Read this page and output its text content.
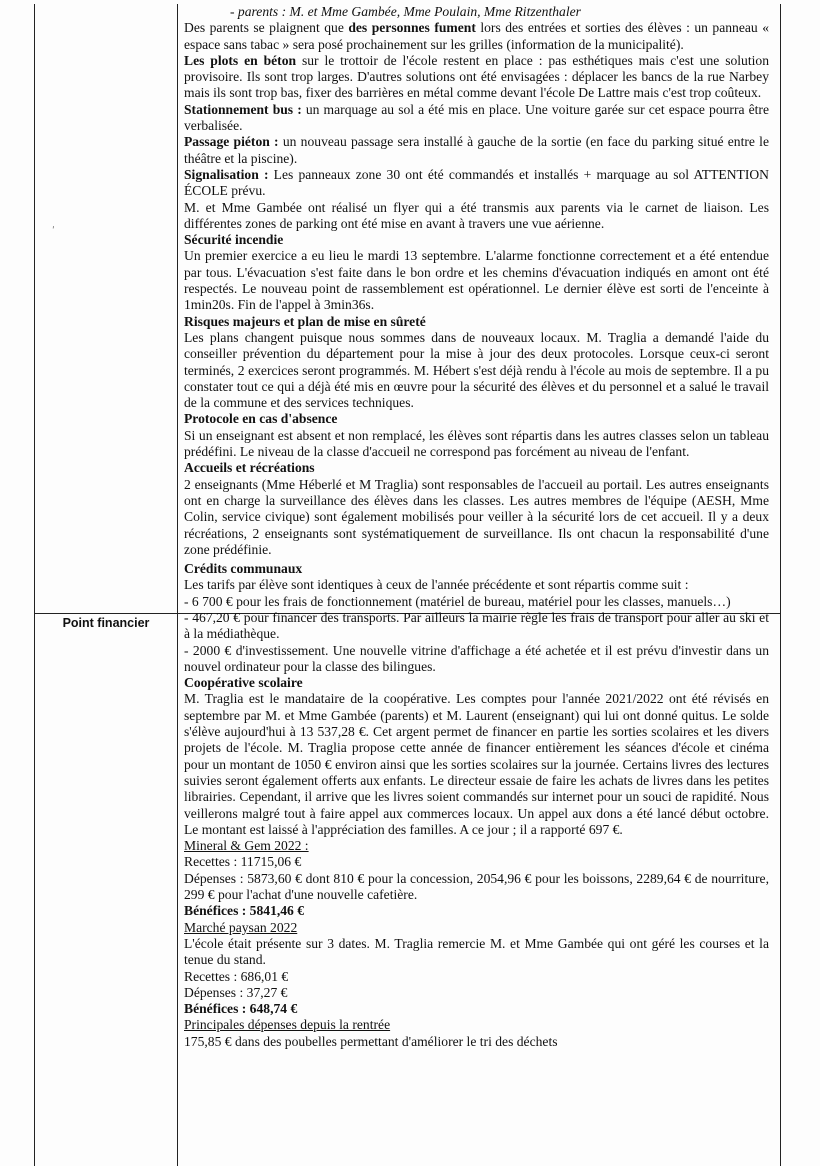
Point financier
ʹ

- parents : M. et Mme Gambée, Mme Poulain, Mme Ritzenthaler

Des parents se plaignent que des personnes fument lors des entrées et sorties des élèves : un panneau « espace sans tabac » sera posé prochainement sur les grilles (information de la municipalité).

Les plots en béton sur le trottoir de l'école restent en place : pas esthétiques mais c'est une solution provisoire. Ils sont trop larges. D'autres solutions ont été envisagées : déplacer les bancs de la rue Narbey mais ils sont trop bas, fixer des barrières en métal comme devant l'école De Lattre mais c'est trop coûteux.

Stationnement bus : un marquage au sol a été mis en place. Une voiture garée sur cet espace pourra être verbalisée.

Passage piéton : un nouveau passage sera installé à gauche de la sortie (en face du parking situé entre le théâtre et la piscine).

Signalisation : Les panneaux zone 30 ont été commandés et installés + marquage au sol ATTENTION ÉCOLE prévu.

M. et Mme Gambée ont réalisé un flyer qui a été transmis aux parents via le carnet de liaison. Les différentes zones de parking ont été mise en avant à travers une vue aérienne.

Sécurité incendie

Un premier exercice a eu lieu le mardi 13 septembre. L'alarme fonctionne correctement et a été entendue par tous. L'évacuation s'est faite dans le bon ordre et les chemins d'évacuation indiqués en amont ont été respectés. Le nouveau point de rassemblement est opérationnel. Le dernier élève est sorti de l'enceinte à 1min20s. Fin de l'appel à 3min36s.

Risques majeurs et plan de mise en sûreté

Les plans changent puisque nous sommes dans de nouveaux locaux. M. Traglia a demandé l'aide du conseiller prévention du département pour la mise à jour des deux protocoles. Lorsque ceux-ci seront terminés, 2 exercices seront programmés. M. Hébert s'est déjà rendu à l'école au mois de septembre. Il a pu constater tout ce qui a déjà été mis en œuvre pour la sécurité des élèves et du personnel et a salué le travail de la commune et des services techniques.

Protocole en cas d'absence

Si un enseignant est absent et non remplacé, les élèves sont répartis dans les autres classes selon un tableau prédéfini. Le niveau de la classe d'accueil ne correspond pas forcément au niveau de l'enfant.

Accueils et récréations

2 enseignants (Mme Héberlé et M Traglia) sont responsables de l'accueil au portail. Les autres enseignants ont en charge la surveillance des élèves dans les classes. Les autres membres de l'équipe (AESH, Mme Colin, service civique) sont également mobilisés pour veiller à la sécurité lors de cet accueil. Il y a deux récréations, 2 enseignants sont systématiquement de surveillance. Ils ont chacun la responsabilité d'une zone prédéfinie.

Crédits communaux

Les tarifs par élève sont identiques à ceux de l'année précédente et sont répartis comme suit :

- 6 700 € pour les frais de fonctionnement (matériel de bureau, matériel pour les classes, manuels…)

- 467,20 € pour financer des transports. Par ailleurs la mairie règle les frais de transport pour aller au ski et à la médiathèque.

- 2000 € d'investissement. Une nouvelle vitrine d'affichage a été achetée et il est prévu d'investir dans un nouvel ordinateur pour la classe des bilingues.

Coopérative scolaire

M. Traglia est le mandataire de la coopérative. Les comptes pour l'année 2021/2022 ont été révisés en septembre par M. et Mme Gambée (parents) et M. Laurent (enseignant) qui lui ont donné quitus. Le solde s'élève aujourd'hui à 13 537,28 €. Cet argent permet de financer en partie les sorties scolaires et les divers projets de l'école. M. Traglia propose cette année de financer entièrement les séances d'école et cinéma pour un montant de 1050 € environ ainsi que les sorties scolaires sur la journée. Certains livres des lectures suivies seront également offerts aux enfants. Le directeur essaie de faire les achats de livres dans les petites librairies. Cependant, il arrive que les livres soient commandés sur internet pour un souci de rapidité. Nous veillerons malgré tout à faire appel aux commerces locaux. Un appel aux dons a été lancé début octobre. Le montant est laissé à l'appréciation des familles. A ce jour ; il a rapporté 697 €.

Mineral & Gem 2022 :

Recettes : 11715,06 €

Dépenses : 5873,60 € dont 810 € pour la concession, 2054,96 € pour les boissons, 2289,64 € de nourriture, 299 € pour l'achat d'une nouvelle cafetière.

Bénéfices : 5841,46 €

Marché paysan 2022

L'école était présente sur 3 dates. M. Traglia remercie M. et Mme Gambée qui ont géré les courses et la tenue du stand.

Recettes : 686,01 €

Dépenses : 37,27 €

Bénéfices : 648,74 €

Principales dépenses depuis la rentrée

175,85 € dans des poubelles permettant d'améliorer le tri des déchets
